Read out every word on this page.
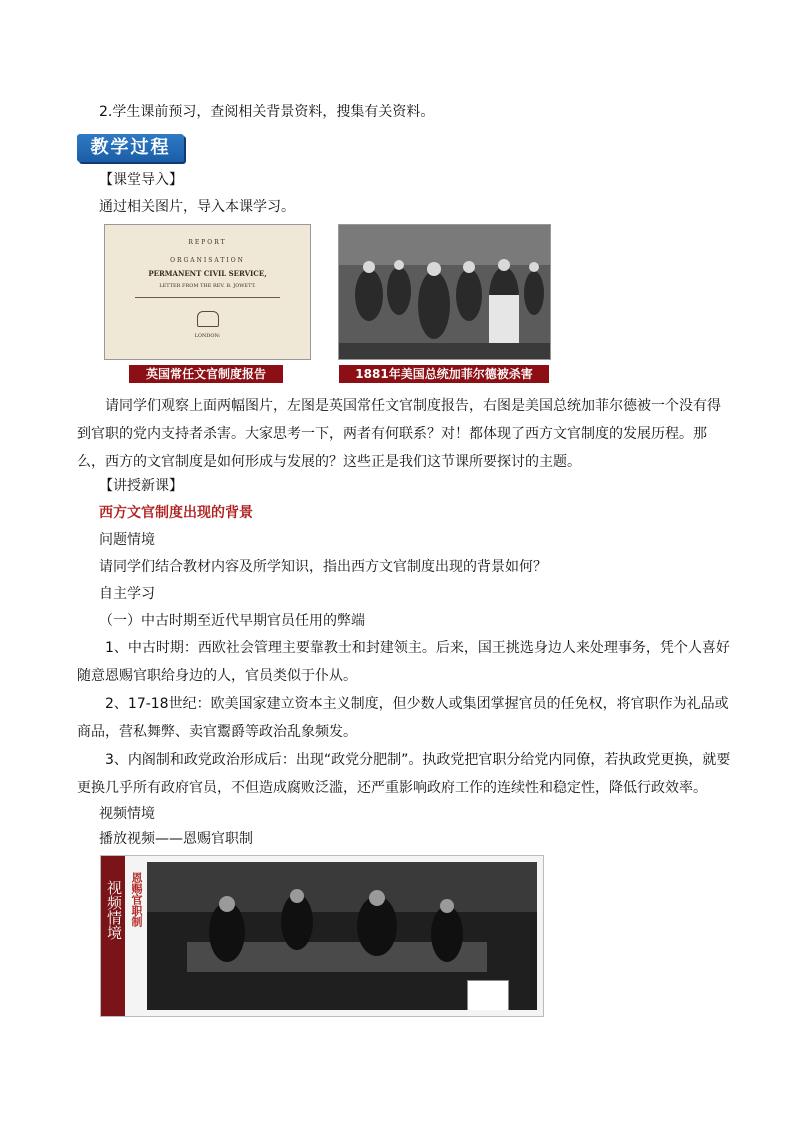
2.学生课前预习，查阅相关背景资料，搜集有关资料。
教学过程
【课堂导入】
通过相关图片，导入本课学习。
REPORT
ORGANISATION
PERMANENT CIVIL SERVICE,
LETTER FROM THE REV. B. JOWETT.
LONDON:
英国常任文官制度报告	1881年美国总统加菲尔德被杀害
请同学们观察上面两幅图片，左图是英国常任文官制度报告，右图是美国总统加菲尔德被一个没有得到官职的党内支持者杀害。大家思考一下，两者有何联系？对！都体现了西方文官制度的发展历程。那么，西方的文官制度是如何形成与发展的？这些正是我们这节课所要探讨的主题。
【讲授新课】
西方文官制度出现的背景
问题情境
请同学们结合教材内容及所学知识，指出西方文官制度出现的背景如何？
自主学习
（一）中古时期至近代早期官员任用的弊端
1、中古时期：西欧社会管理主要靠教士和封建领主。后来，国王挑选身边人来处理事务，凭个人喜好随意恩赐官职给身边的人，官员类似于仆从。
2、17-18世纪：欧美国家建立资本主义制度，但少数人或集团掌握官员的任免权，将官职作为礼品或商品，营私舞弊、卖官鬻爵等政治乱象频发。
3、内阁制和政党政治形成后：出现“政党分肥制”。执政党把官职分给党内同僚，若执政党更换，就要更换几乎所有政府官员，不但造成腐败泛滥，还严重影响政府工作的连续性和稳定性，降低行政效率。
视频情境
播放视频——恩赐官职制
视频情境 恩赐官职制
